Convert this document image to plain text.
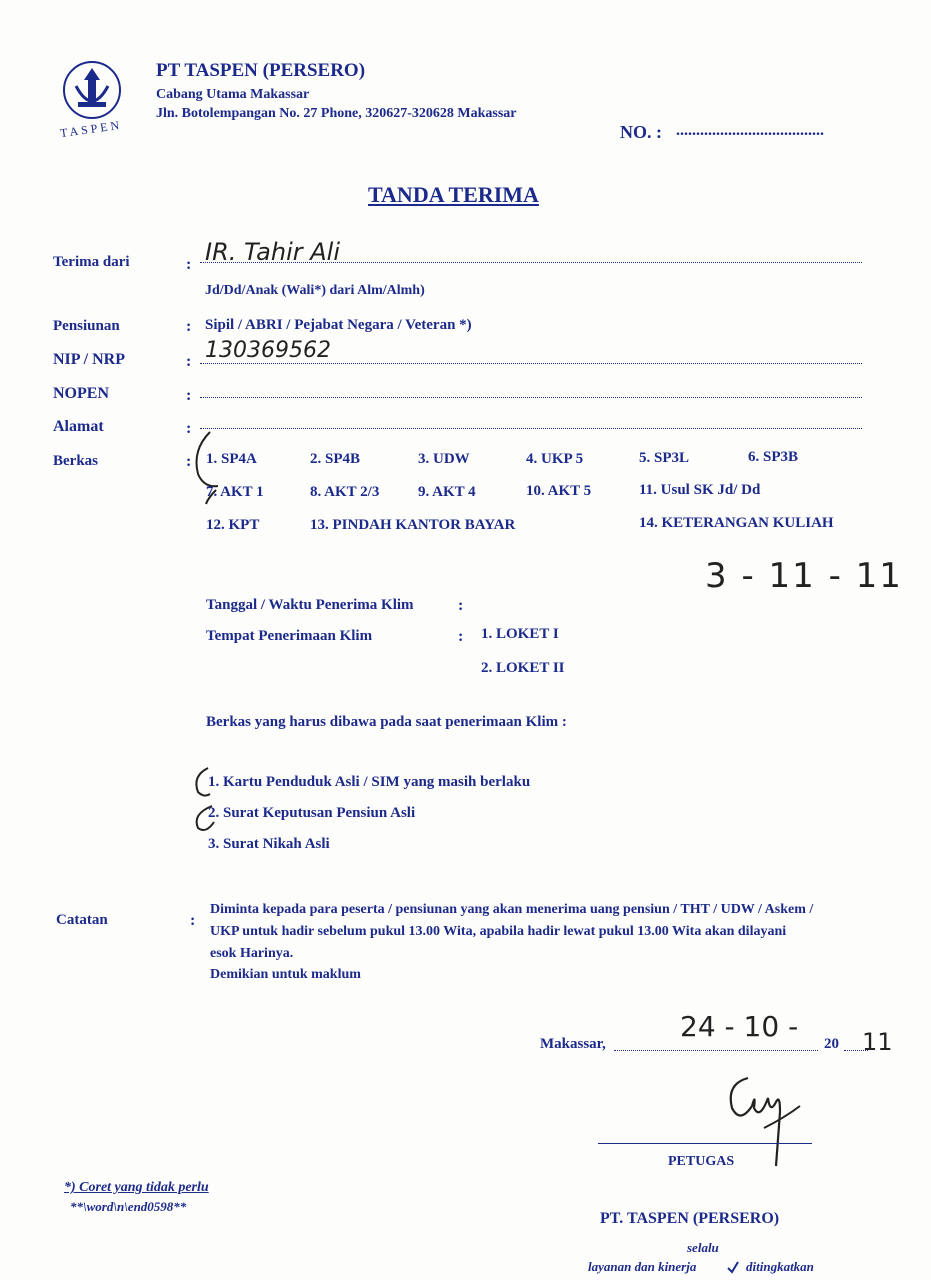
TASPEN
PT TASPEN (PERSERO)
Cabang Utama Makassar
Jln. Botolempangan No. 27 Phone, 320627-320628 Makassar
NO. : .....................................
TANDA TERIMA
Terima dari	: IR. Tahir Ali
Jd/Dd/Anak (Wali*) dari Alm/Almh)
Pensiunan	: Sipil / ABRI / Pejabat Negara / Veteran *)
NIP / NRP	: 130369562
NOPEN	:
Alamat	:
Berkas	: 1. SP4A	2. SP4B	3. UDW	4. UKP 5	5. SP3L	6. SP3B
7. AKT 1	8. AKT 2/3	9. AKT 4	10. AKT 5	11. Usul SK Jd/ Dd
12. KPT	13. PINDAH KANTOR BAYAR	14. KETERANGAN KULIAH
3 - 11 - 11
Tanggal / Waktu Penerima Klim	:
Tempat Penerimaan Klim	: 1. LOKET I
2. LOKET II
Berkas yang harus dibawa pada saat penerimaan Klim :
1. Kartu Penduduk Asli / SIM yang masih berlaku
2. Surat Keputusan Pensiun Asli
3. Surat Nikah Asli
Catatan	:
Diminta kepada para peserta / pensiunan yang akan menerima uang pensiun / THT / UDW / Askem /
UKP untuk hadir sebelum pukul 13.00 Wita, apabila hadir lewat pukul 13.00 Wita akan dilayani
esok Harinya.
Demikian untuk maklum
Makassar,
24 - 10 -
20 11
PETUGAS
*) Coret yang tidak perlu
**\word\n\end0598**
PT. TASPEN (PERSERO)
selalu
layanan dan kinerja	ditingkatkan
